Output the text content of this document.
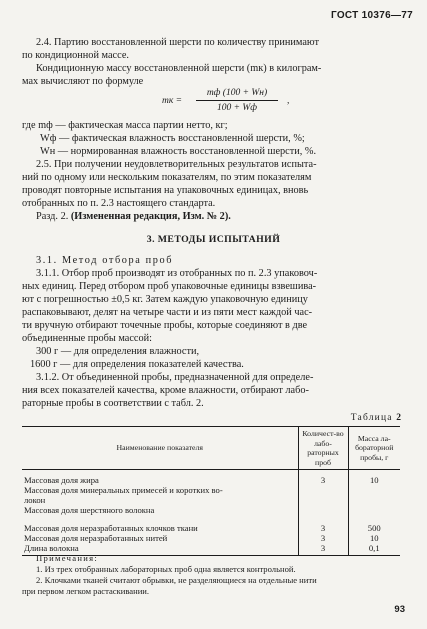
ГОСТ 10376—77
2.4. Партию восстановленной шерсти по количеству принимают
по кондиционной массе.
Кондиционную массу восстановленной шерсти (mк) в килограм-
мах вычисляют по формуле
mк =
mф (100 + Wн)
100 + Wф
,
где mф — фактическая масса партии нетто, кг;
Wф — фактическая влажность восстановленной шерсти, %;
Wн — нормированная влажность восстановленной шерсти, %.
2.5. При получении неудовлетворительных результатов испыта-
ний по одному или нескольким показателям, по этим показателям
проводят повторные испытания на упаковочных единицах, вновь
отобранных по п. 2.3 настоящего стандарта.
Разд. 2. (Измененная редакция, Изм. № 2).
3. МЕТОДЫ ИСПЫТАНИЙ
3.1. Метод отбора проб
3.1.1. Отбор проб производят из отобранных по п. 2.3 упаковоч-
ных единиц. Перед отбором проб упаковочные единицы взвешива-
ют с погрешностью ±0,5 кг. Затем каждую упаковочную единицу
распаковывают, делят на четыре части и из пяти мест каждой час-
ти вручную отбирают точечные пробы, которые соединяют в две
объединенные пробы массой:
300 г — для определения влажности,
1600 г — для определения показателей качества.
3.1.2. От объединенной пробы, предназначенной для определе-
ния всех показателей качества, кроме влажности, отбирают лабо-
раторные пробы в соответствии с табл. 2.
Таблица 2
Наименование показателя	Количест-во лабо-раторных проб	Масса ла-бораторной пробы, г
Массовая доля жира	3	10
Массовая доля минеральных примесей и коротких во-		
локон		
Массовая доля шерстяного волокна		

Массовая доля неразработанных клочков ткани	3	500
Массовая доля неразработанных нитей	3	10
Длина волокна	3	0,1
Примечания:
1. Из трех отобранных лабораторных проб одна является контрольной.
2. Клочками тканей считают обрывки, не разделяющиеся на отдельные нити
при первом легком растаскивании.
93
